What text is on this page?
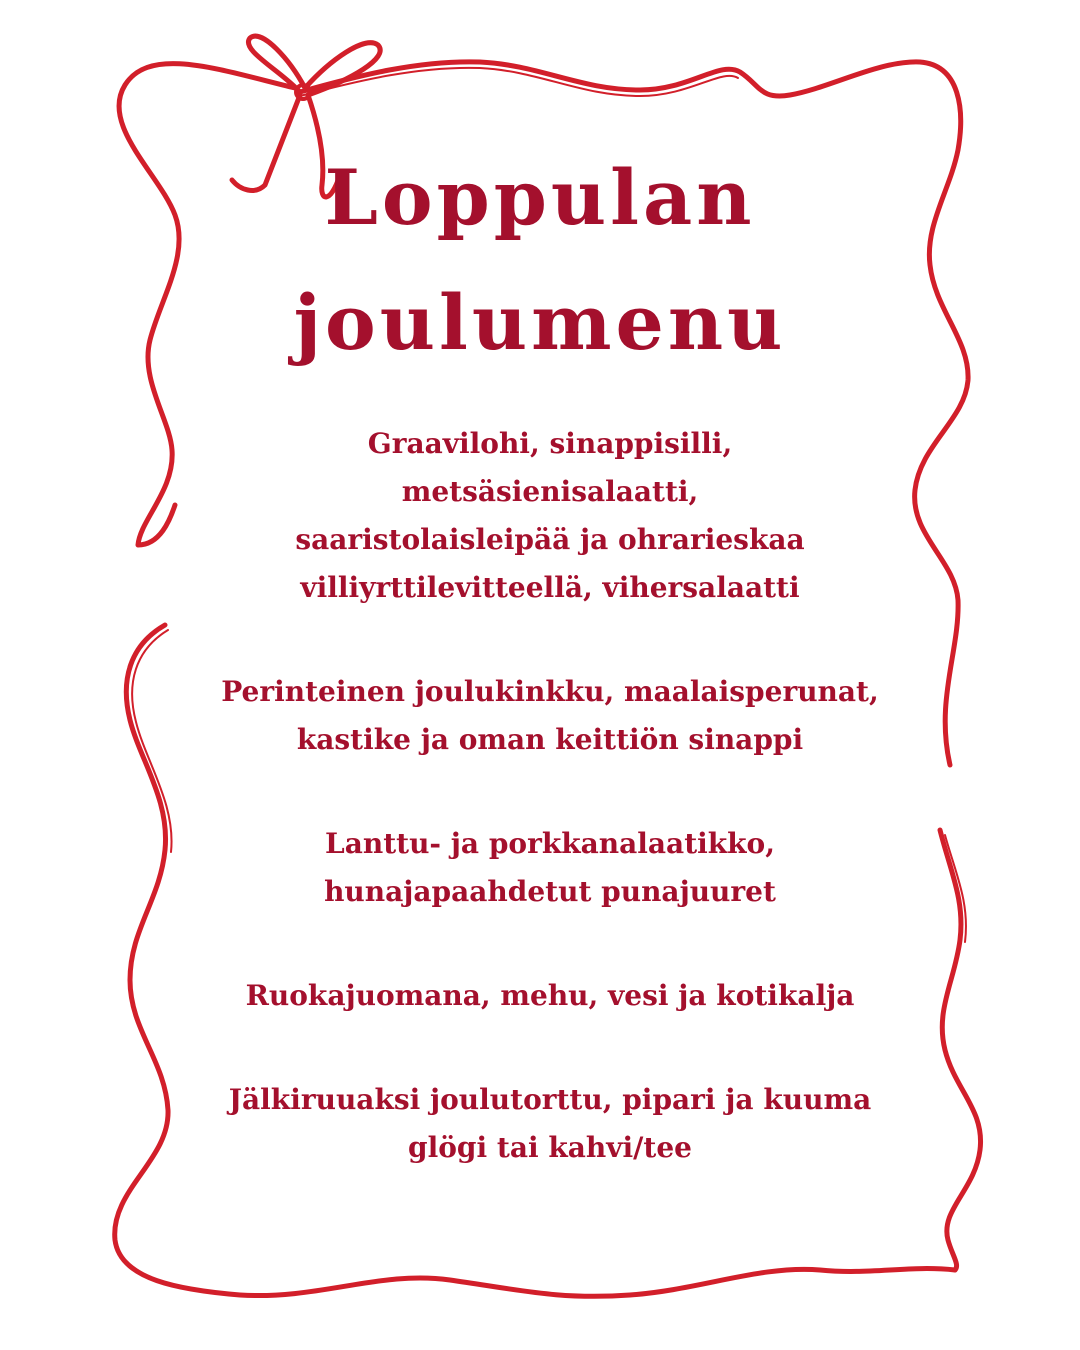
Loppulan
joulumenu
Graavilohi, sinappisilli,
metsäsienisalaatti,
saaristolaisleipää ja ohrarieskaa
villiyrttilevitteellä, vihersalaatti
Perinteinen joulukinkku, maalaisperunat,
kastike ja oman keittiön sinappi
Lanttu- ja porkkanalaatikko,
hunajapaahdetut punajuuret
Ruokajuomana, mehu, vesi ja kotikalja
Jälkiruuaksi joulutorttu, pipari ja kuuma
glögi tai kahvi/tee
